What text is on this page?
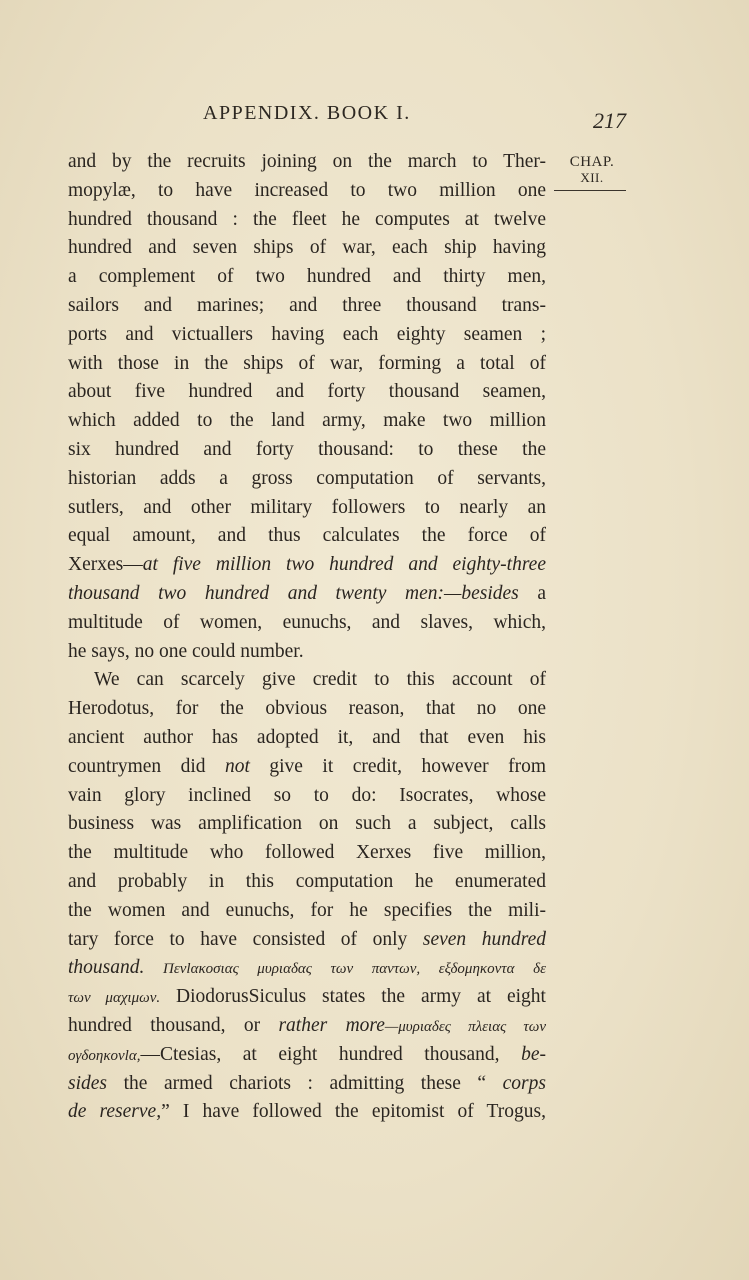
APPENDIX. BOOK I.	217
CHAP.
XII.
and by the recruits joining on the march to Ther-
mopylæ, to have increased to two million one
hundred thousand : the fleet he computes at twelve
hundred and seven ships of war, each ship having
a complement of two hundred and thirty men,
sailors and marines; and three thousand trans-
ports and victuallers having each eighty seamen ;
with those in the ships of war, forming a total of
about five hundred and forty thousand seamen,
which added to the land army, make two million
six hundred and forty thousand: to these the
historian adds a gross computation of servants,
sutlers, and other military followers to nearly an
equal amount, and thus calculates the force of
Xerxes—at five million two hundred and eighty-three
thousand two hundred and twenty men:—besides a
multitude of women, eunuchs, and slaves, which,
he says, no one could number.
We can scarcely give credit to this account of
Herodotus, for the obvious reason, that no one
ancient author has adopted it, and that even his
countrymen did not give it credit, however from
vain glory inclined so to do: Isocrates, whose
business was amplification on such a subject, calls
the multitude who followed Xerxes five million,
and probably in this computation he enumerated
the women and eunuchs, for he specifies the mili-
tary force to have consisted of only seven hundred
thousand. Πενlακοσιας μυριαδας των παντων, εξδομηκοντα δε
των μαχιμων. DiodorusSiculus states the army at eight
hundred thousand, or rather more—μυριαδες πλειας των
ογδοηκονlα,—Ctesias, at eight hundred thousand, be-
sides the armed chariots : admitting these “ corps
de reserve,” I have followed the epitomist of Trogus,
